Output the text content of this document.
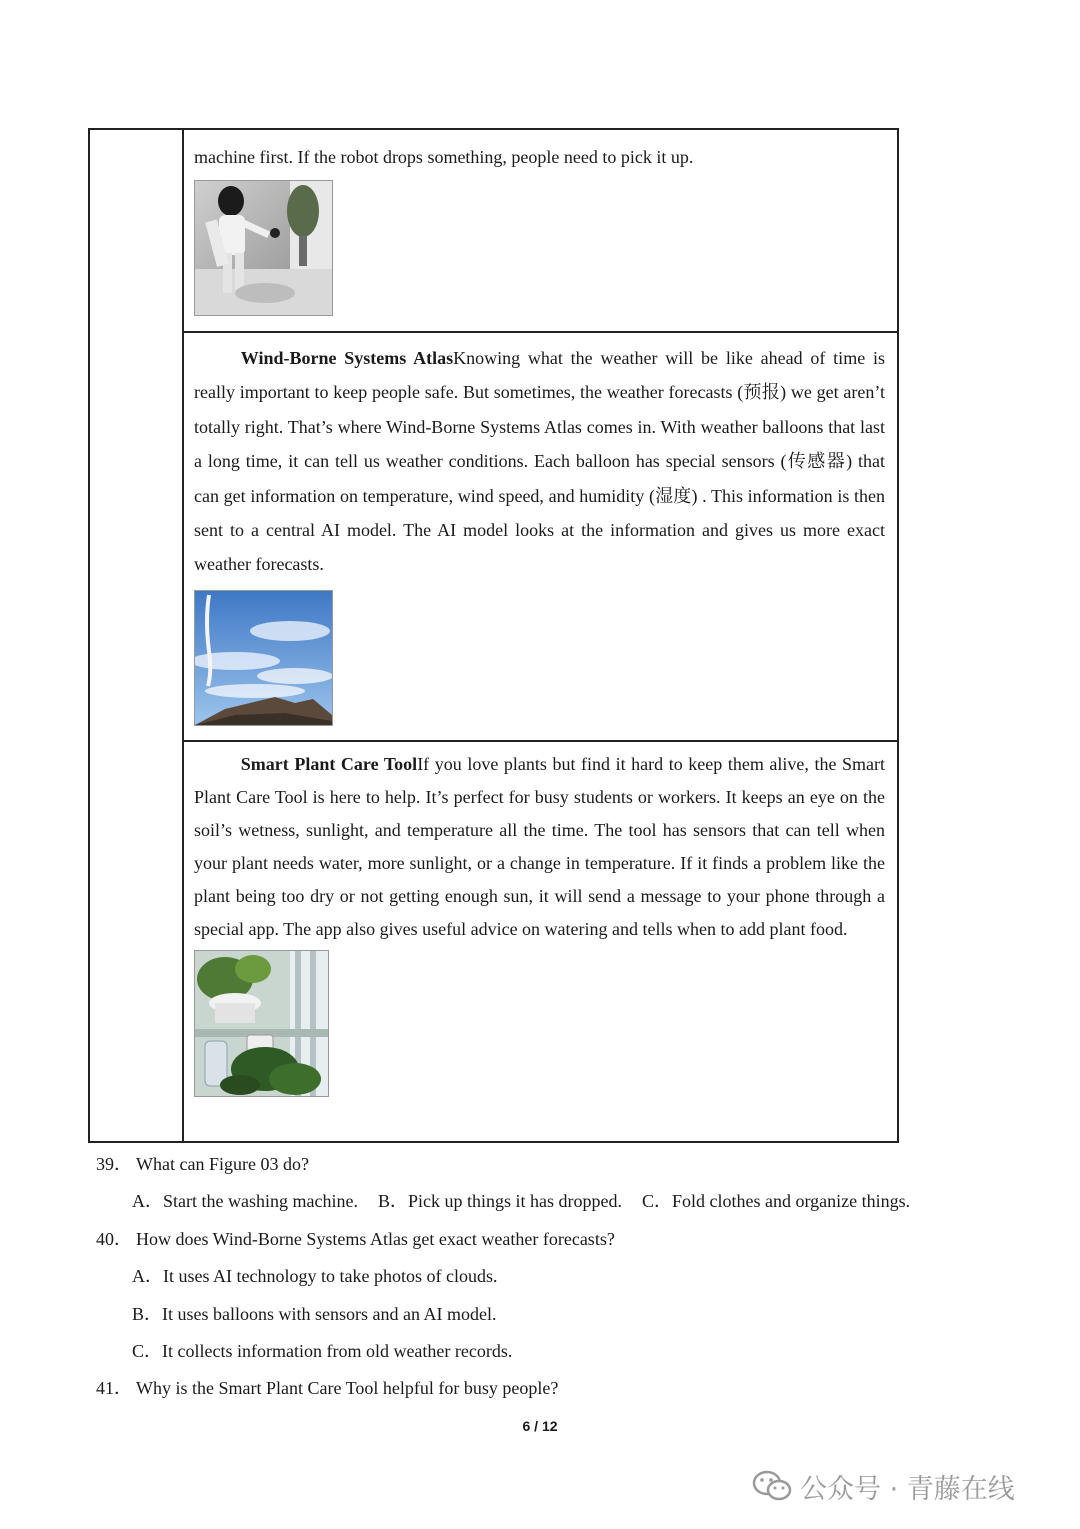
machine first. If the robot drops something, people need to pick it up.

Wind-Borne Systems AtlasKnowing what the weather will be like ahead of time is really important to keep people safe. But sometimes, the weather forecasts (预报) we get aren’t totally right. That’s where Wind-Borne Systems Atlas comes in. With weather balloons that last a long time, it can tell us weather conditions. Each balloon has special sensors (传感器) that can get information on temperature, wind speed, and humidity (湿度) . This information is then sent to a central AI model. The AI model looks at the information and gives us more exact weather forecasts.

Smart Plant Care ToolIf you love plants but find it hard to keep them alive, the Smart Plant Care Tool is here to help. It’s perfect for busy students or workers. It keeps an eye on the soil’s wetness, sunlight, and temperature all the time. The tool has sensors that can tell when your plant needs water, more sunlight, or a change in temperature. If it finds a problem like the plant being too dry or not getting enough sun, it will send a message to your phone through a special app. The app also gives useful advice on watering and tells when to add plant food.

39． What can Figure 03 do?
A．Start the washing machine. B．Pick up things it has dropped. C．Fold clothes and organize things.
40． How does Wind-Borne Systems Atlas get exact weather forecasts?
A．It uses AI technology to take photos of clouds.
B．It uses balloons with sensors and an AI model.
C．It collects information from old weather records.
41． Why is the Smart Plant Care Tool helpful for busy people?
6 / 12
公众号 · 青藤在线
